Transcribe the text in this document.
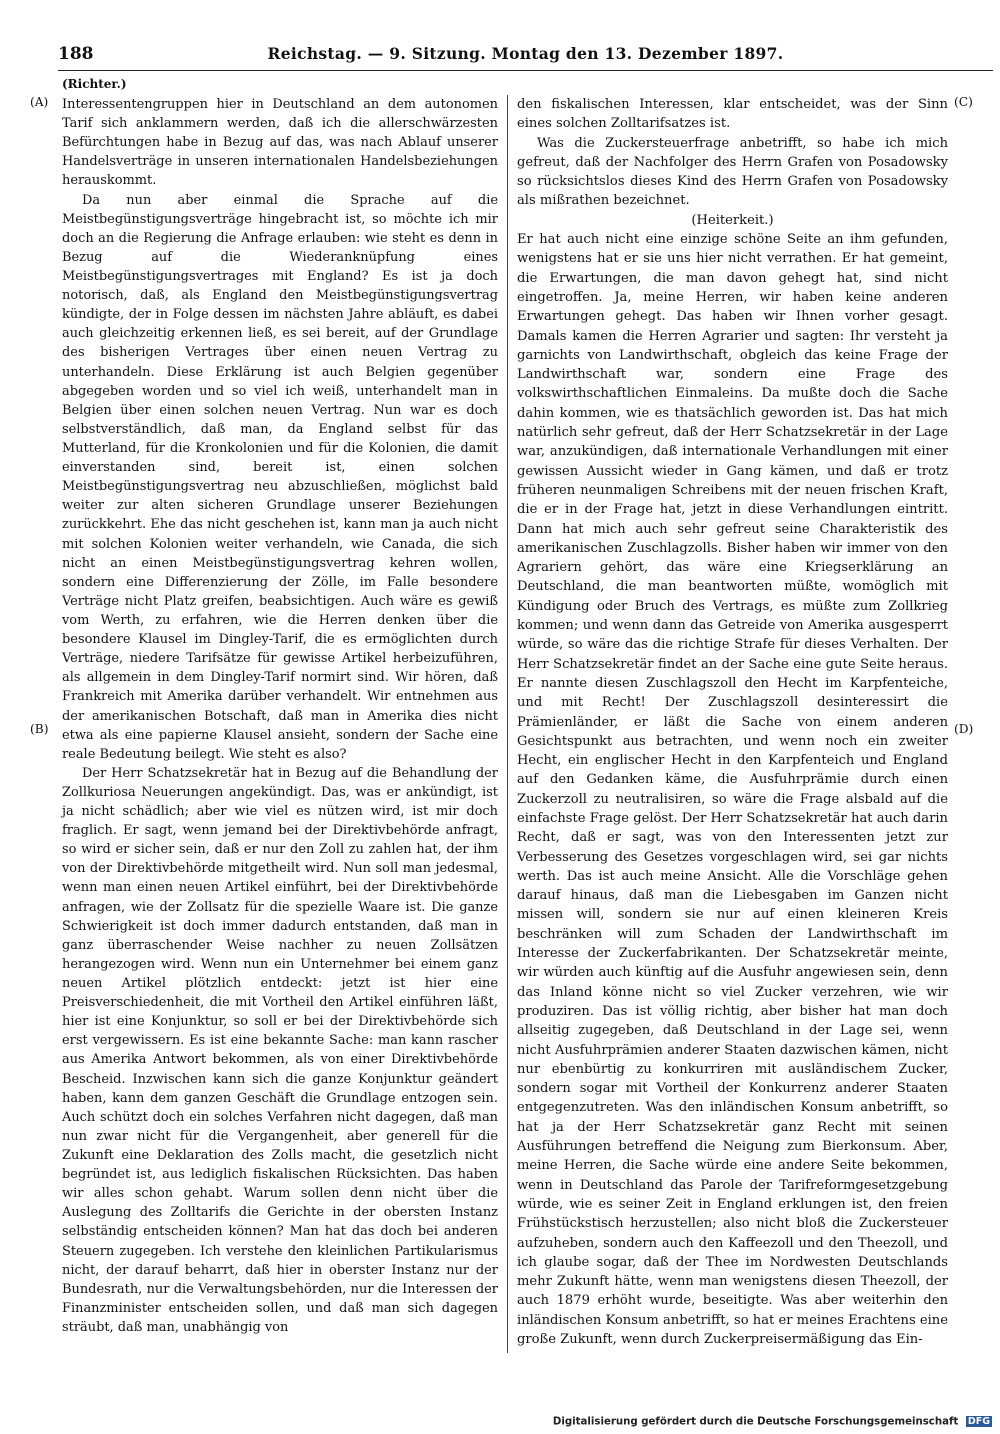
188	Reichstag. — 9. Sitzung. Montag den 13. Dezember 1897.
(Richter.)
(A)
(B)
(C)
(D)

Interessentengruppen hier in Deutschland an dem autonomen Tarif sich anklammern werden, daß ich die allerschwärzesten Befürchtungen habe in Bezug auf das, was nach Ablauf unserer Handelsverträge in unseren internationalen Handelsbeziehungen herauskommt.

Da nun aber einmal die Sprache auf die Meistbegünstigungsverträge hingebracht ist, so möchte ich mir doch an die Regierung die Anfrage erlauben: wie steht es denn in Bezug auf die Wiederanknüpfung eines Meistbegünstigungsvertrages mit England? Es ist ja doch notorisch, daß, als England den Meistbegünstigungsvertrag kündigte, der in Folge dessen im nächsten Jahre abläuft, es dabei auch gleichzeitig erkennen ließ, es sei bereit, auf der Grundlage des bisherigen Vertrages über einen neuen Vertrag zu unterhandeln. Diese Erklärung ist auch Belgien gegenüber abgegeben worden und so viel ich weiß, unterhandelt man in Belgien über einen solchen neuen Vertrag. Nun war es doch selbstverständlich, daß man, da England selbst für das Mutterland, für die Kronkolonien und für die Kolonien, die damit einverstanden sind, bereit ist, einen solchen Meistbegünstigungsvertrag neu abzuschließen, möglichst bald weiter zur alten sicheren Grundlage unserer Beziehungen zurückkehrt. Ehe das nicht geschehen ist, kann man ja auch nicht mit solchen Kolonien weiter verhandeln, wie Canada, die sich nicht an einen Meistbegünstigungsvertrag kehren wollen, sondern eine Differenzierung der Zölle, im Falle besondere Verträge nicht Platz greifen, beabsichtigen. Auch wäre es gewiß vom Werth, zu erfahren, wie die Herren denken über die besondere Klausel im Dingley-Tarif, die es ermöglichten durch Verträge, niedere Tarifsätze für gewisse Artikel herbeizuführen, als allgemein in dem Dingley-Tarif normirt sind. Wir hören, daß Frankreich mit Amerika darüber verhandelt. Wir entnehmen aus der amerikanischen Botschaft, daß man in Amerika dies nicht etwa als eine papierne Klausel ansieht, sondern der Sache eine reale Bedeutung beilegt. Wie steht es also?

Der Herr Schatzsekretär hat in Bezug auf die Behandlung der Zollkuriosa Neuerungen angekündigt. Das, was er ankündigt, ist ja nicht schädlich; aber wie viel es nützen wird, ist mir doch fraglich. Er sagt, wenn jemand bei der Direktivbehörde anfragt, so wird er sicher sein, daß er nur den Zoll zu zahlen hat, der ihm von der Direktivbehörde mitgetheilt wird. Nun soll man jedesmal, wenn man einen neuen Artikel einführt, bei der Direktivbehörde anfragen, wie der Zollsatz für die spezielle Waare ist. Die ganze Schwierigkeit ist doch immer dadurch entstanden, daß man in ganz überraschender Weise nachher zu neuen Zollsätzen herangezogen wird. Wenn nun ein Unternehmer bei einem ganz neuen Artikel plötzlich entdeckt: jetzt ist hier eine Preisverschiedenheit, die mit Vortheil den Artikel einführen läßt, hier ist eine Konjunktur, so soll er bei der Direktivbehörde sich erst vergewissern. Es ist eine bekannte Sache: man kann rascher aus Amerika Antwort bekommen, als von einer Direktivbehörde Bescheid. Inzwischen kann sich die ganze Konjunktur geändert haben, kann dem ganzen Geschäft die Grundlage entzogen sein. Auch schützt doch ein solches Verfahren nicht dagegen, daß man nun zwar nicht für die Vergangenheit, aber generell für die Zukunft eine Deklaration des Zolls macht, die gesetzlich nicht begründet ist, aus lediglich fiskalischen Rücksichten. Das haben wir alles schon gehabt. Warum sollen denn nicht über die Auslegung des Zolltarifs die Gerichte in der obersten Instanz selbständig entscheiden können? Man hat das doch bei anderen Steuern zugegeben. Ich verstehe den kleinlichen Partikularismus nicht, der darauf beharrt, daß hier in oberster Instanz nur der Bundesrath, nur die Verwaltungsbehörden, nur die Interessen der Finanzminister entscheiden sollen, und daß man sich dagegen sträubt, daß man, unabhängig von

den fiskalischen Interessen, klar entscheidet, was der Sinn eines solchen Zolltarifsatzes ist.

Was die Zuckersteuerfrage anbetrifft, so habe ich mich gefreut, daß der Nachfolger des Herrn Grafen von Posadowsky so rücksichtslos dieses Kind des Herrn Grafen von Posadowsky als mißrathen bezeichnet.

(Heiterkeit.)

Er hat auch nicht eine einzige schöne Seite an ihm gefunden, wenigstens hat er sie uns hier nicht verrathen. Er hat gemeint, die Erwartungen, die man davon gehegt hat, sind nicht eingetroffen. Ja, meine Herren, wir haben keine anderen Erwartungen gehegt. Das haben wir Ihnen vorher gesagt. Damals kamen die Herren Agrarier und sagten: Ihr versteht ja garnichts von Landwirthschaft, obgleich das keine Frage der Landwirthschaft war, sondern eine Frage des volkswirthschaftlichen Einmaleins. Da mußte doch die Sache dahin kommen, wie es thatsächlich geworden ist. Das hat mich natürlich sehr gefreut, daß der Herr Schatzsekretär in der Lage war, anzukündigen, daß internationale Verhandlungen mit einer gewissen Aussicht wieder in Gang kämen, und daß er trotz früheren neunmaligen Schreibens mit der neuen frischen Kraft, die er in der Frage hat, jetzt in diese Verhandlungen eintritt. Dann hat mich auch sehr gefreut seine Charakteristik des amerikanischen Zuschlagzolls. Bisher haben wir immer von den Agrariern gehört, das wäre eine Kriegserklärung an Deutschland, die man beantworten müßte, womöglich mit Kündigung oder Bruch des Vertrags, es müßte zum Zollkrieg kommen; und wenn dann das Getreide von Amerika ausgesperrt würde, so wäre das die richtige Strafe für dieses Verhalten. Der Herr Schatzsekretär findet an der Sache eine gute Seite heraus. Er nannte diesen Zuschlagszoll den Hecht im Karpfenteiche, und mit Recht! Der Zuschlagszoll desinteressirt die Prämienländer, er läßt die Sache von einem anderen Gesichtspunkt aus betrachten, und wenn noch ein zweiter Hecht, ein englischer Hecht in den Karpfenteich und England auf den Gedanken käme, die Ausfuhrprämie durch einen Zuckerzoll zu neutralisiren, so wäre die Frage alsbald auf die einfachste Frage gelöst. Der Herr Schatzsekretär hat auch darin Recht, daß er sagt, was von den Interessenten jetzt zur Verbesserung des Gesetzes vorgeschlagen wird, sei gar nichts werth. Das ist auch meine Ansicht. Alle die Vorschläge gehen darauf hinaus, daß man die Liebesgaben im Ganzen nicht missen will, sondern sie nur auf einen kleineren Kreis beschränken will zum Schaden der Landwirthschaft im Interesse der Zuckerfabrikanten. Der Schatzsekretär meinte, wir würden auch künftig auf die Ausfuhr angewiesen sein, denn das Inland könne nicht so viel Zucker verzehren, wie wir produziren. Das ist völlig richtig, aber bisher hat man doch allseitig zugegeben, daß Deutschland in der Lage sei, wenn nicht Ausfuhrprämien anderer Staaten dazwischen kämen, nicht nur ebenbürtig zu konkurriren mit ausländischem Zucker, sondern sogar mit Vortheil der Konkurrenz anderer Staaten entgegenzutreten. Was den inländischen Konsum anbetrifft, so hat ja der Herr Schatzsekretär ganz Recht mit seinen Ausführungen betreffend die Neigung zum Bierkonsum. Aber, meine Herren, die Sache würde eine andere Seite bekommen, wenn in Deutschland das Parole der Tarifreformgesetzgebung würde, wie es seiner Zeit in England erklungen ist, den freien Frühstückstisch herzustellen; also nicht bloß die Zuckersteuer aufzuheben, sondern auch den Kaffeezoll und den Theezoll, und ich glaube sogar, daß der Thee im Nordwesten Deutschlands mehr Zukunft hätte, wenn man wenigstens diesen Theezoll, der auch 1879 erhöht wurde, beseitigte. Was aber weiterhin den inländischen Konsum anbetrifft, so hat er meines Erachtens eine große Zukunft, wenn durch Zuckerpreisermäßigung das Ein-

Digitalisierung gefördert durch die Deutsche Forschungsgemeinschaft DFG
